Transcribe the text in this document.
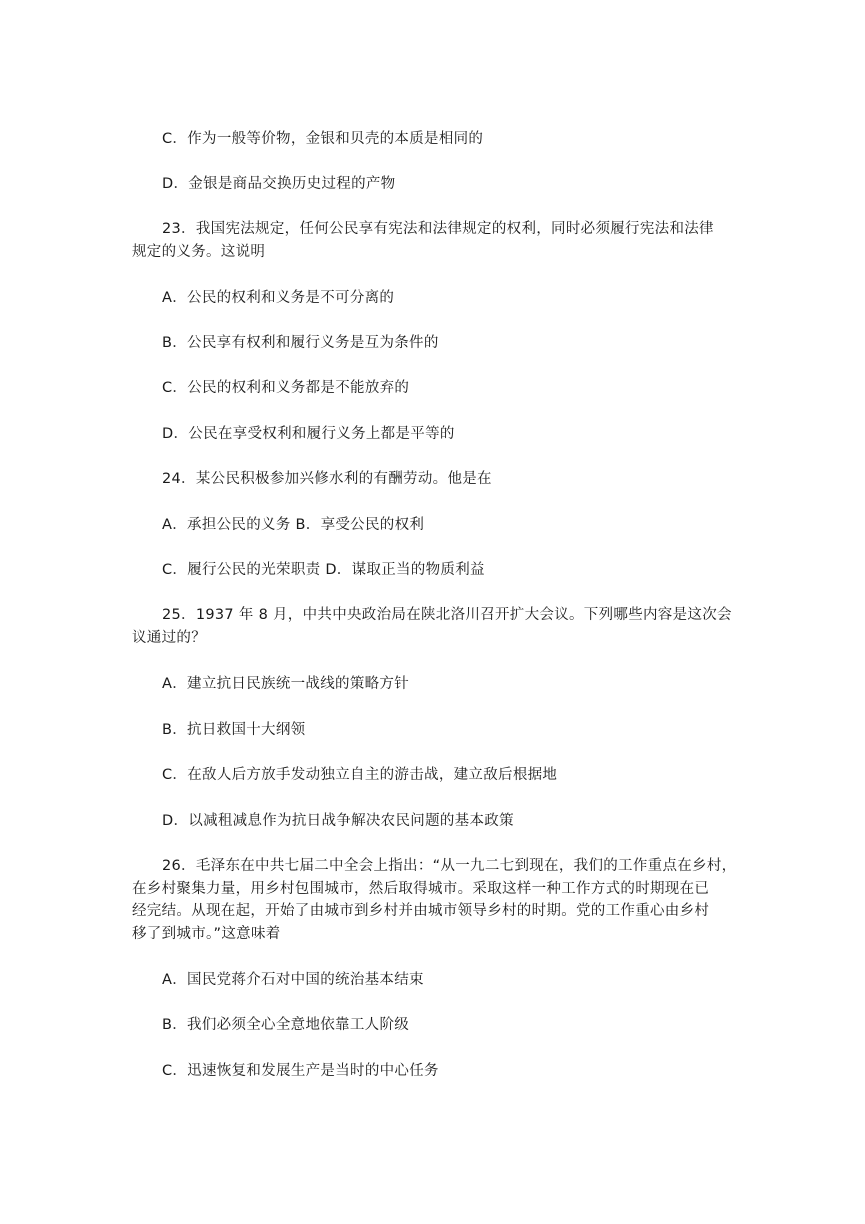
C．作为一般等价物，金银和贝壳的本质是相同的
D．金银是商品交换历史过程的产物
23．我国宪法规定，任何公民享有宪法和法律规定的权利，同时必须履行宪法和法律
规定的义务。这说明
A．公民的权利和义务是不可分离的
B．公民享有权利和履行义务是互为条件的
C．公民的权利和义务都是不能放弃的
D．公民在享受权利和履行义务上都是平等的
24．某公民积极参加兴修水利的有酬劳动。他是在
A．承担公民的义务 B．享受公民的权利
C．履行公民的光荣职责 D．谋取正当的物质利益
25．1937 年 8 月，中共中央政治局在陕北洛川召开扩大会议。下列哪些内容是这次会
议通过的？
A．建立抗日民族统一战线的策略方针
B．抗日救国十大纲领
C．在敌人后方放手发动独立自主的游击战，建立敌后根据地
D．以减租减息作为抗日战争解决农民问题的基本政策
26．毛泽东在中共七届二中全会上指出：“从一九二七到现在，我们的工作重点在乡村，
在乡村聚集力量，用乡村包围城市，然后取得城市。采取这样一种工作方式的时期现在已
经完结。从现在起，开始了由城市到乡村并由城市领导乡村的时期。党的工作重心由乡村
移了到城市。”这意味着
A．国民党蒋介石对中国的统治基本结束
B．我们必须全心全意地依靠工人阶级
C．迅速恢复和发展生产是当时的中心任务
